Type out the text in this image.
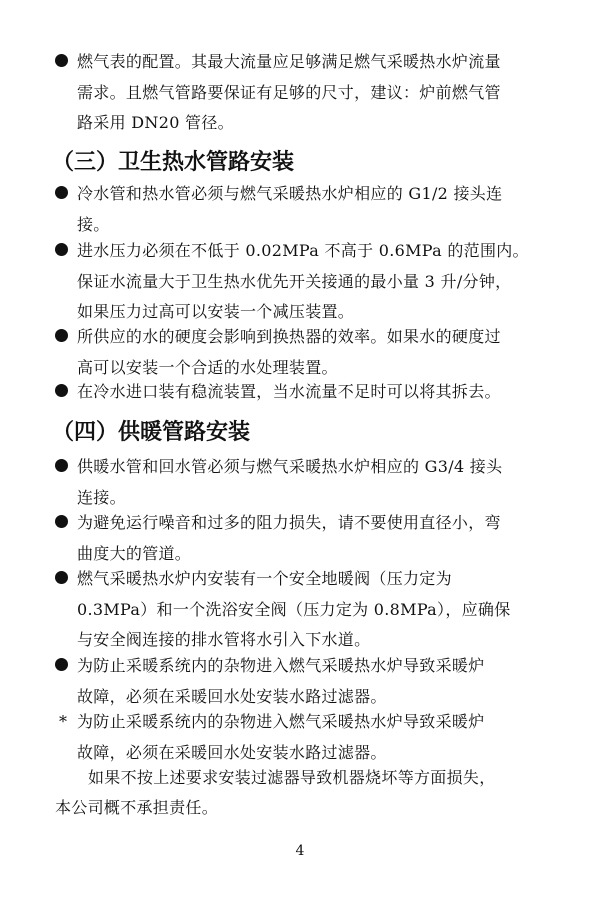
燃气表的配置。其最大流量应足够满足燃气采暖热水炉流量
需求。且燃气管路要保证有足够的尺寸，建议：炉前燃气管
路采用 DN20 管径。
（三）卫生热水管路安装
冷水管和热水管必须与燃气采暖热水炉相应的 G1/2 接头连
接。
进水压力必须在不低于 0.02MPa 不高于 0.6MPa 的范围内。
保证水流量大于卫生热水优先开关接通的最小量 3 升/分钟，
如果压力过高可以安装一个减压装置。
所供应的水的硬度会影响到换热器的效率。如果水的硬度过
高可以安装一个合适的水处理装置。
在冷水进口装有稳流装置，当水流量不足时可以将其拆去。
（四）供暖管路安装
供暖水管和回水管必须与燃气采暖热水炉相应的 G3/4 接头
连接。
为避免运行噪音和过多的阻力损失，请不要使用直径小，弯
曲度大的管道。
燃气采暖热水炉内安装有一个安全地暖阀（压力定为
0.3MPa）和一个洗浴安全阀（压力定为 0.8MPa），应确保
与安全阀连接的排水管将水引入下水道。
为防止采暖系统内的杂物进入燃气采暖热水炉导致采暖炉
故障，必须在采暖回水处安装水路过滤器。
* 为防止采暖系统内的杂物进入燃气采暖热水炉导致采暖炉
故障，必须在采暖回水处安装水路过滤器。
如果不按上述要求安装过滤器导致机器烧坏等方面损失，
本公司概不承担责任。
4
